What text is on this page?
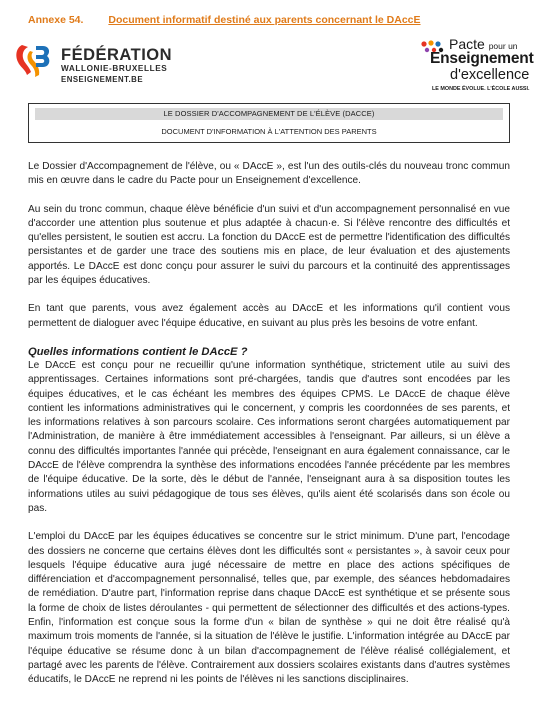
Annexe 54. Document informatif destiné aux parents concernant le DAccE
FÉDÉRATION
WALLONIE-BRUXELLES
ENSEIGNEMENT.BE
Pacte pour un
Enseignement
d'excellence
LE MONDE ÉVOLUE. L'ÉCOLE AUSSI.
LE DOSSIER D'ACCOMPAGNEMENT DE L'ÉLÈVE (DACCE)
DOCUMENT D'INFORMATION À L'ATTENTION DES PARENTS

Le Dossier d'Accompagnement de l'élève, ou « DAccE », est l'un des outils-clés du nouveau tronc commun mis en œuvre dans le cadre du Pacte pour un Enseignement d'excellence.

Au sein du tronc commun, chaque élève bénéficie d'un suivi et d'un accompagnement personnalisé en vue d'accorder une attention plus soutenue et plus adaptée à chacun·e. Si l'élève rencontre des difficultés et qu'elles persistent, le soutien est accru. La fonction du DAccE est de permettre l'identification des difficultés persistantes et de garder une trace des soutiens mis en place, de leur évaluation et des ajustements apportés. Le DAccE est donc conçu pour assurer le suivi du parcours et la continuité des apprentissages par les équipes éducatives.

En tant que parents, vous avez également accès au DAccE et les informations qu'il contient vous permettent de dialoguer avec l'équipe éducative, en suivant au plus près les besoins de votre enfant.

Quelles informations contient le DAccE ?

Le DAccE est conçu pour ne recueillir qu'une information synthétique, strictement utile au suivi des apprentissages. Certaines informations sont pré-chargées, tandis que d'autres sont encodées par les équipes éducatives, et le cas échéant les membres des équipes CPMS. Le DAccE de chaque élève contient les informations administratives qui le concernent, y compris les coordonnées de ses parents, et les informations relatives à son parcours scolaire. Ces informations seront chargées automatiquement par l'Administration, de manière à être immédiatement accessibles à l'enseignant. Par ailleurs, si un élève a connu des difficultés importantes l'année qui précède, l'enseignant en aura également connaissance, car le DAccE de l'élève comprendra la synthèse des informations encodées l'année précédente par les membres de l'équipe éducative. De la sorte, dès le début de l'année, l'enseignant aura à sa disposition toutes les informations utiles au suivi pédagogique de tous ses élèves, qu'ils aient été scolarisés dans son école ou pas.

L'emploi du DAccE par les équipes éducatives se concentre sur le strict minimum. D'une part, l'encodage des dossiers ne concerne que certains élèves dont les difficultés sont « persistantes », à savoir ceux pour lesquels l'équipe éducative aura jugé nécessaire de mettre en place des actions spécifiques de différenciation et d'accompagnement personnalisé, telles que, par exemple, des séances hebdomadaires de remédiation. D'autre part, l'information reprise dans chaque DAccE est synthétique et se présente sous la forme de choix de listes déroulantes - qui permettent de sélectionner des difficultés et des actions-types. Enfin, l'information est conçue sous la forme d'un « bilan de synthèse » qui ne doit être réalisé qu'à maximum trois moments de l'année, si la situation de l'élève le justifie. L'information intégrée au DAccE par l'équipe éducative se résume donc à un bilan d'accompagnement de l'élève réalisé collégialement, et partagé avec les parents de l'élève. Contrairement aux dossiers scolaires existants dans d'autres systèmes éducatifs, le DAccE ne reprend ni les points de l'élèves ni les sanctions disciplinaires.
